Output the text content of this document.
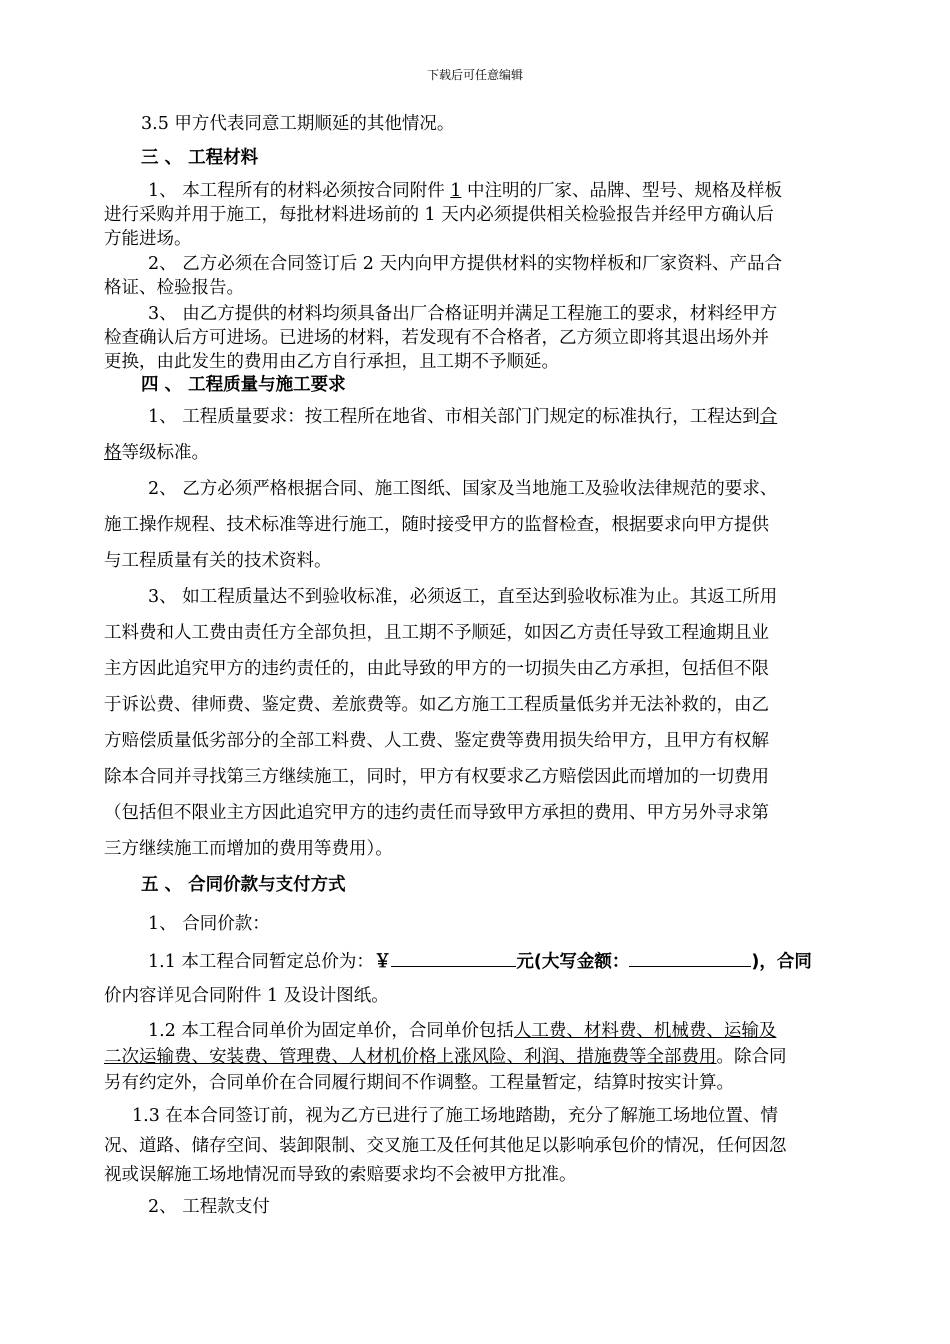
下载后可任意编辑
3.5 甲方代表同意工期顺延的其他情况。
三 、 工程材料
1、 本工程所有的材料必须按合同附件 1 中注明的厂家、品牌、型号、规格及样板
进行采购并用于施工，每批材料进场前的 1 天内必须提供相关检验报告并经甲方确认后
方能进场。
2、 乙方必须在合同签订后 2 天内向甲方提供材料的实物样板和厂家资料、产品合
格证、检验报告。
3、 由乙方提供的材料均须具备出厂合格证明并满足工程施工的要求，材料经甲方
检查确认后方可进场。已进场的材料，若发现有不合格者，乙方须立即将其退出场外并
更换，由此发生的费用由乙方自行承担，且工期不予顺延。
四 、 工程质量与施工要求
1、 工程质量要求：按工程所在地省、市相关部门门规定的标准执行，工程达到合
格等级标准。
2、 乙方必须严格根据合同、施工图纸、国家及当地施工及验收法律规范的要求、
施工操作规程、技术标准等进行施工，随时接受甲方的监督检查，根据要求向甲方提供
与工程质量有关的技术资料。
3、 如工程质量达不到验收标准，必须返工，直至达到验收标准为止。其返工所用
工料费和人工费由责任方全部负担，且工期不予顺延，如因乙方责任导致工程逾期且业
主方因此追究甲方的违约责任的，由此导致的甲方的一切损失由乙方承担，包括但不限
于诉讼费、律师费、鉴定费、差旅费等。如乙方施工工程质量低劣并无法补救的，由乙
方赔偿质量低劣部分的全部工料费、人工费、鉴定费等费用损失给甲方，且甲方有权解
除本合同并寻找第三方继续施工，同时，甲方有权要求乙方赔偿因此而增加的一切费用
（包括但不限业主方因此追究甲方的违约责任而导致甲方承担的费用、甲方另外寻求第
三方继续施工而增加的费用等费用）。
五 、 合同价款与支付方式
1、 合同价款：
1.1 本工程合同暂定总价为：￥	元(大写金额：	)，合同
价内容详见合同附件 1 及设计图纸。
1.2 本工程合同单价为固定单价，合同单价包括人工费、材料费、机械费、运输及
二次运输费、安装费、管理费、人材机价格上涨风险、利润、措施费等全部费用。除合同
另有约定外，合同单价在合同履行期间不作调整。工程量暂定，结算时按实计算。
1.3 在本合同签订前，视为乙方已进行了施工场地踏勘，充分了解施工场地位置、情
况、道路、储存空间、装卸限制、交叉施工及任何其他足以影响承包价的情况，任何因忽
视或误解施工场地情况而导致的索赔要求均不会被甲方批准。
2、 工程款支付
